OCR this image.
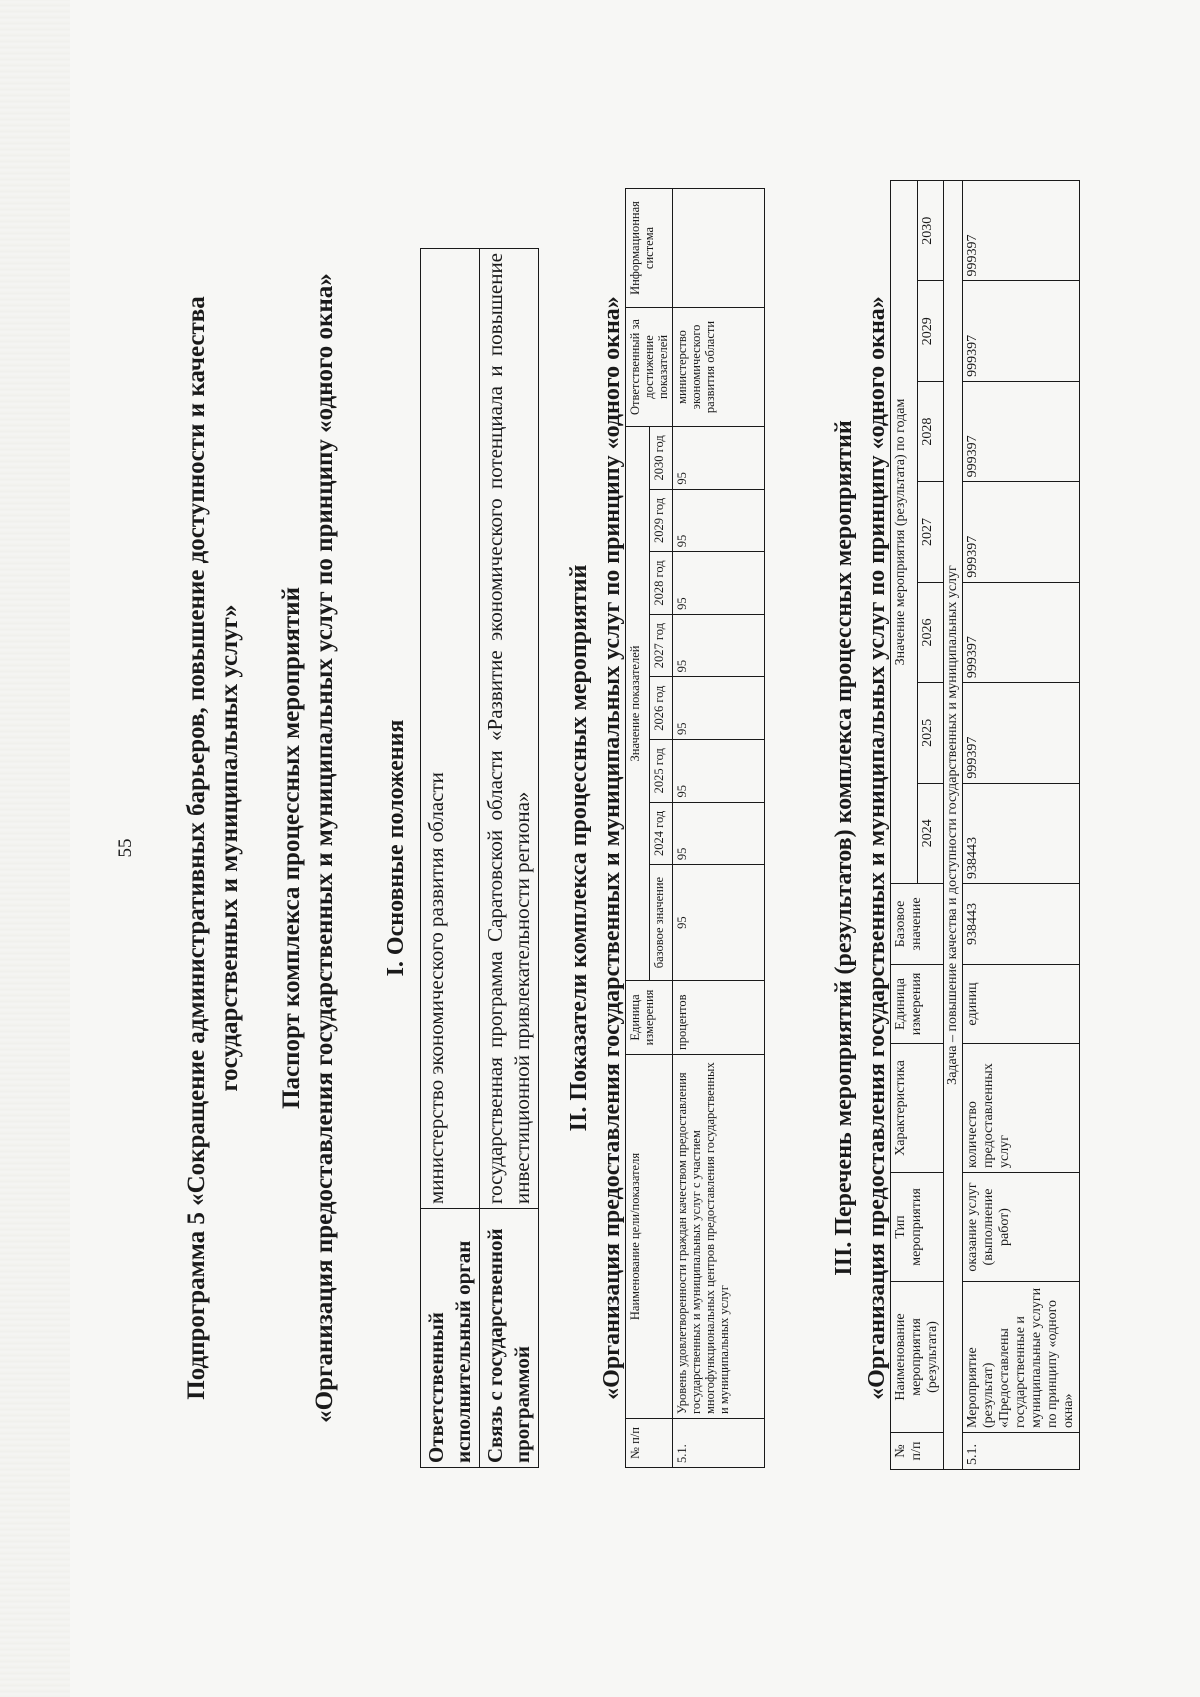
55 Подпрограмма 5 «Сокращение административных барьеров, повышение доступности и качества государственных и муниципальных услуг» Паспорт комплекса процессных мероприятий «Организация предоставления государственных и муниципальных услуг по принципу «одного окна» I. Основные положения
Ответственный исполнительный орган	министерство экономического развития области
Связь с государственной программой	государственная программа Саратовской области «Развитие экономического потенциала и повышение инвестиционной привлекательности региона» II. Показатели комплекса процессных мероприятий «Организация предоставления государственных и муниципальных услуг по принципу «одного окна»
№ п/п	Наименование цели/показателя	Единица измерения	Значение показателей								Ответственный за достижение показателей	Информационная система
			базовое значение	2024 год	2025 год	2026 год	2027 год	2028 год	2029 год	2030 год		
5.1.	Уровень удовлетворенности граждан качеством предоставления государственных и муниципальных услуг с участием многофункциональных центров предоставления государственных и муниципальных услуг	процентов	95	95	95	95	95	95	95	95	министерство экономического развития области	
III. Перечень мероприятий (результатов) комплекса процессных мероприятий «Организация предоставления государственных и муниципальных услуг по принципу «одного окна»
№ п/п	Наименование мероприятия (результата)	Тип мероприятия	Характеристика	Единица измерения	Базовое значение	Значение мероприятия (результата) по годам						
						2024	2025	2026	2027	2028	2029	2030
Задача – повышение качества и доступности государственных и муниципальных услуг												
5.1.	Мероприятие (результат) «Предоставлены государственные и муниципальные услуги по принципу «одного окна»	оказание услуг (выполнение работ)	количество предоставленных услуг	единиц	938443	938443	999397	999397	999397	999397	999397	999397
